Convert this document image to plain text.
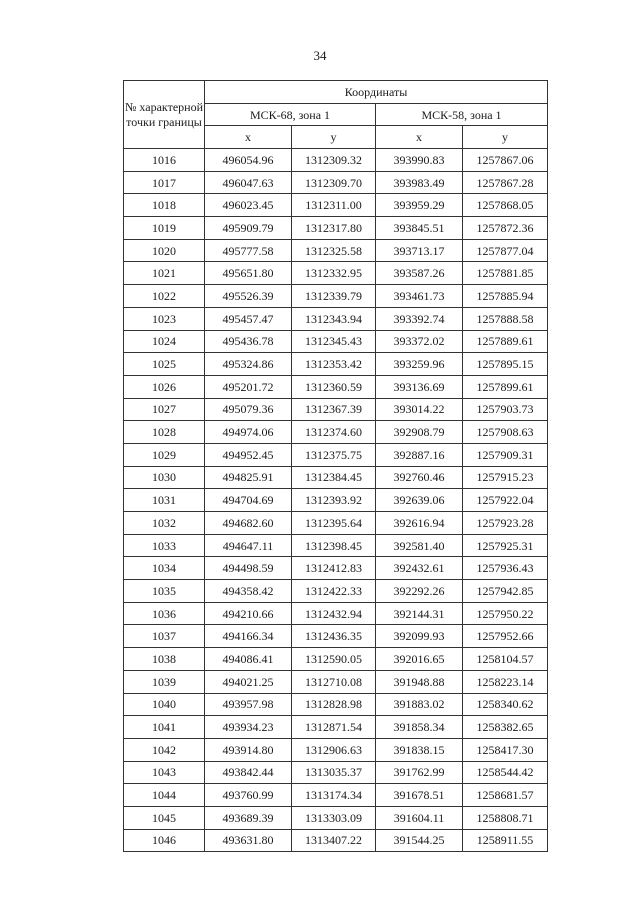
34
№ характерной точки границы	Координаты			
	МСК-68, зона 1		МСК-58, зона 1	
	x	y	x	y
1016	496054.96	1312309.32	393990.83	1257867.06
1017	496047.63	1312309.70	393983.49	1257867.28
1018	496023.45	1312311.00	393959.29	1257868.05
1019	495909.79	1312317.80	393845.51	1257872.36
1020	495777.58	1312325.58	393713.17	1257877.04
1021	495651.80	1312332.95	393587.26	1257881.85
1022	495526.39	1312339.79	393461.73	1257885.94
1023	495457.47	1312343.94	393392.74	1257888.58
1024	495436.78	1312345.43	393372.02	1257889.61
1025	495324.86	1312353.42	393259.96	1257895.15
1026	495201.72	1312360.59	393136.69	1257899.61
1027	495079.36	1312367.39	393014.22	1257903.73
1028	494974.06	1312374.60	392908.79	1257908.63
1029	494952.45	1312375.75	392887.16	1257909.31
1030	494825.91	1312384.45	392760.46	1257915.23
1031	494704.69	1312393.92	392639.06	1257922.04
1032	494682.60	1312395.64	392616.94	1257923.28
1033	494647.11	1312398.45	392581.40	1257925.31
1034	494498.59	1312412.83	392432.61	1257936.43
1035	494358.42	1312422.33	392292.26	1257942.85
1036	494210.66	1312432.94	392144.31	1257950.22
1037	494166.34	1312436.35	392099.93	1257952.66
1038	494086.41	1312590.05	392016.65	1258104.57
1039	494021.25	1312710.08	391948.88	1258223.14
1040	493957.98	1312828.98	391883.02	1258340.62
1041	493934.23	1312871.54	391858.34	1258382.65
1042	493914.80	1312906.63	391838.15	1258417.30
1043	493842.44	1313035.37	391762.99	1258544.42
1044	493760.99	1313174.34	391678.51	1258681.57
1045	493689.39	1313303.09	391604.11	1258808.71
1046	493631.80	1313407.22	391544.25	1258911.55
